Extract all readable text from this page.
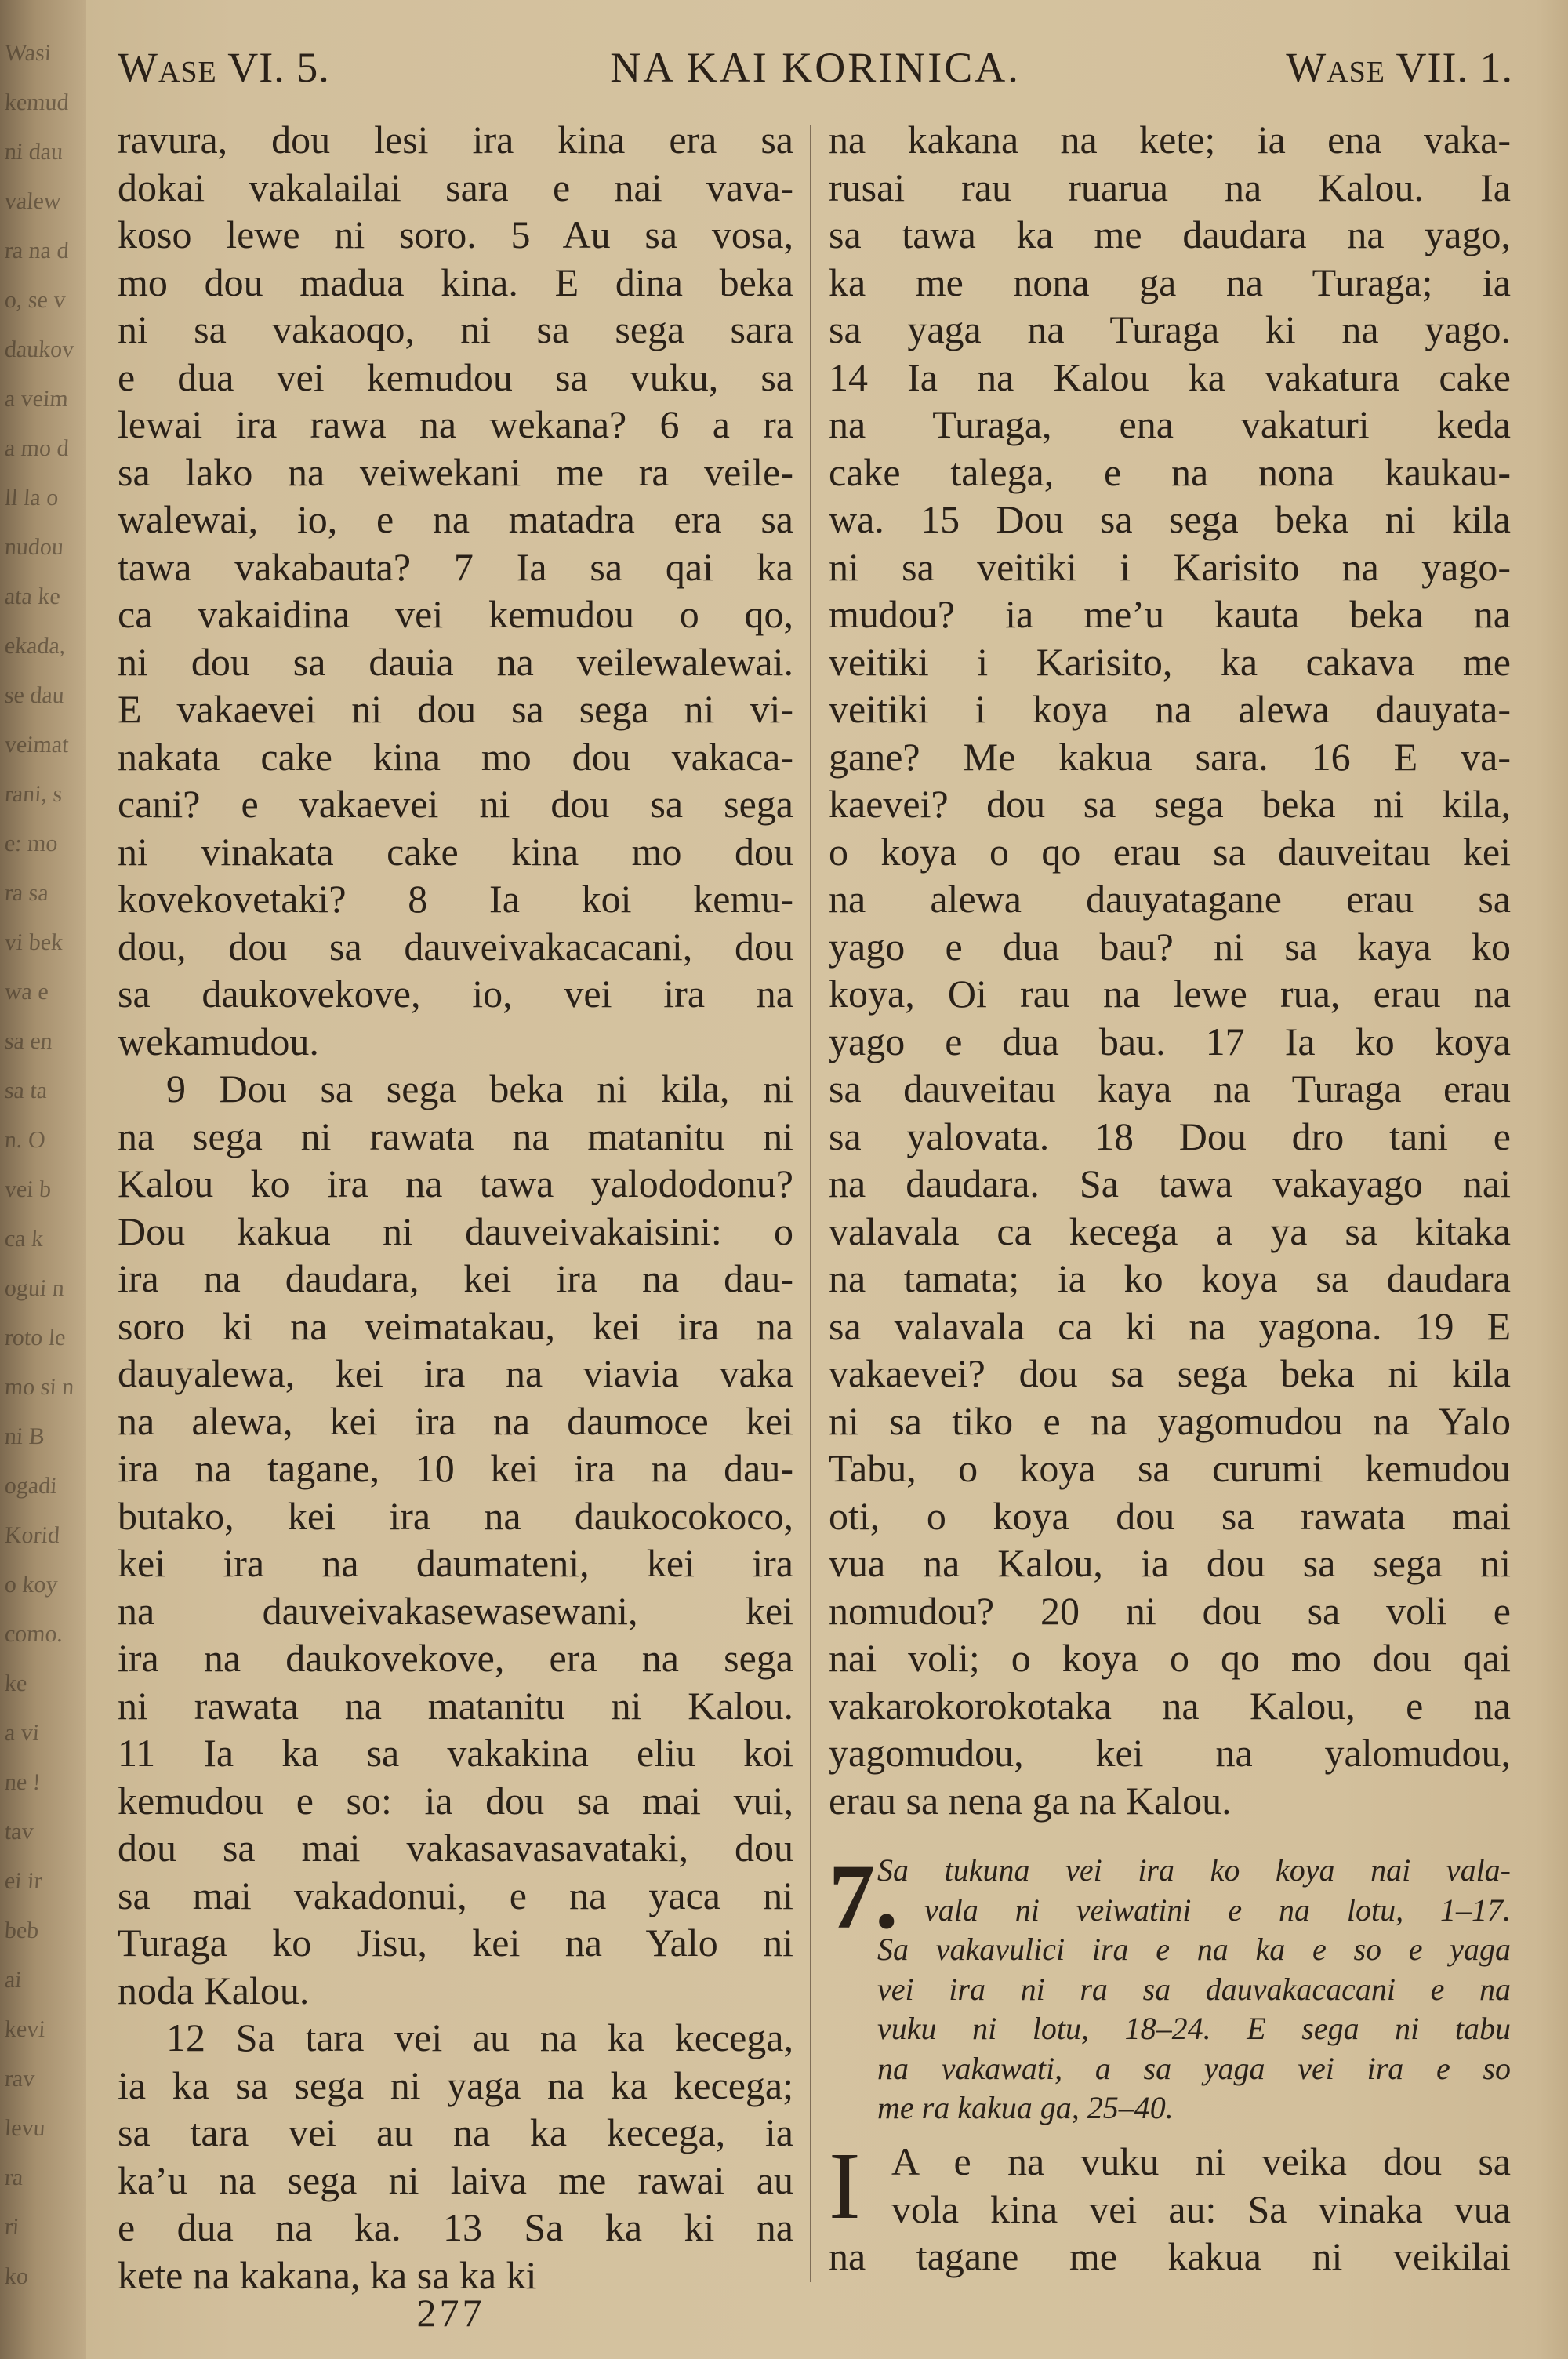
Wasi
kemud
ni dau
valew
ra na d
o, se v
daukov
a veim
a mo d
ll la o
nudou
ata ke
ekada,
se dau
veimat
rani, s
e: mo
ra sa
vi bek
wa e
sa en
sa ta
n. O
vei b
ca k
ogui n
roto le
mo si n
ni B
ogadi
Korid
o koy
como.
ke
a vi
ne !
tav
ei ir
beb
ai
kevi
rav
levu
ra
ri
ko
Wase VI. 5.	NA KAI KORINICA.	Wase VII. 1.
ravura, dou lesi ira kina era sa
dokai vakalailai sara e nai vava-
koso lewe ni soro. 5 Au sa vosa,
mo dou madua kina. E dina beka
ni sa vakaoqo, ni sa sega sara
e dua vei kemudou sa vuku, sa
lewai ira rawa na wekana? 6 a ra
sa lako na veiwekani me ra veile-
walewai, io, e na matadra era sa
tawa vakabauta? 7 Ia sa qai ka
ca vakaidina vei kemudou o qo,
ni dou sa dauia na veilewalewai.
E vakaevei ni dou sa sega ni vi-
nakata cake kina mo dou vakaca-
cani? e vakaevei ni dou sa sega
ni vinakata cake kina mo dou
kovekovetaki? 8 Ia koi kemu-
dou, dou sa dauveivakacacani, dou
sa daukovekove, io, vei ira na
wekamudou.
9 Dou sa sega beka ni kila, ni
na sega ni rawata na matanitu ni
Kalou ko ira na tawa yalododonu?
Dou kakua ni dauveivakaisini: o
ira na daudara, kei ira na dau-
soro ki na veimatakau, kei ira na
dauyalewa, kei ira na viavia vaka
na alewa, kei ira na daumoce kei
ira na tagane, 10 kei ira na dau-
butako, kei ira na daukocokoco,
kei ira na daumateni, kei ira
na dauveivakasewasewani, kei
ira na daukovekove, era na sega
ni rawata na matanitu ni Kalou.
11 Ia ka sa vakakina eliu koi
kemudou e so: ia dou sa mai vui,
dou sa mai vakasavasavataki, dou
sa mai vakadonui, e na yaca ni
Turaga ko Jisu, kei na Yalo ni
noda Kalou.
12 Sa tara vei au na ka kecega,
ia ka sa sega ni yaga na ka kecega;
sa tara vei au na ka kecega, ia
ka’u na sega ni laiva me rawai au
e dua na ka. 13 Sa ka ki na
kete na kakana, ka sa ka ki
na kakana na kete; ia ena vaka-
rusai rau ruarua na Kalou. Ia
sa tawa ka me daudara na yago,
ka me nona ga na Turaga; ia
sa yaga na Turaga ki na yago.
14 Ia na Kalou ka vakatura cake
na Turaga, ena vakaturi keda
cake talega, e na nona kaukau-
wa. 15 Dou sa sega beka ni kila
ni sa veitiki i Karisito na yago-
mudou? ia me’u kauta beka na
veitiki i Karisito, ka cakava me
veitiki i koya na alewa dauyata-
gane? Me kakua sara. 16 E va-
kaevei? dou sa sega beka ni kila,
o koya o qo erau sa dauveitau kei
na alewa dauyatagane erau sa
yago e dua bau? ni sa kaya ko
koya, Oi rau na lewe rua, erau na
yago e dua bau. 17 Ia ko koya
sa dauveitau kaya na Turaga erau
sa yalovata. 18 Dou dro tani e
na daudara. Sa tawa vakayago nai
valavala ca kecega a ya sa kitaka
na tamata; ia ko koya sa daudara
sa valavala ca ki na yagona. 19 E
vakaevei? dou sa sega beka ni kila
ni sa tiko e na yagomudou na Yalo
Tabu, o koya sa curumi kemudou
oti, o koya dou sa rawata mai
vua na Kalou, ia dou sa sega ni
nomudou? 20 ni dou sa voli e
nai voli; o koya o qo mo dou qai
vakarokorokotaka na Kalou, e na
yagomudou, kei na yalomudou,
erau sa nena ga na Kalou.
7.
Sa tukuna vei ira ko koya nai vala-
vala ni veiwatini e na lotu, 1–17.
Sa vakavulici ira e na ka e so e yaga
vei ira ni ra sa dauvakacacani e na
vuku ni lotu, 18–24. E sega ni tabu
na vakawati, a sa yaga vei ira e so
me ra kakua ga, 25–40.
I A e na vuku ni veika dou sa
vola kina vei au: Sa vinaka vua
na tagane me kakua ni veikilai
277
